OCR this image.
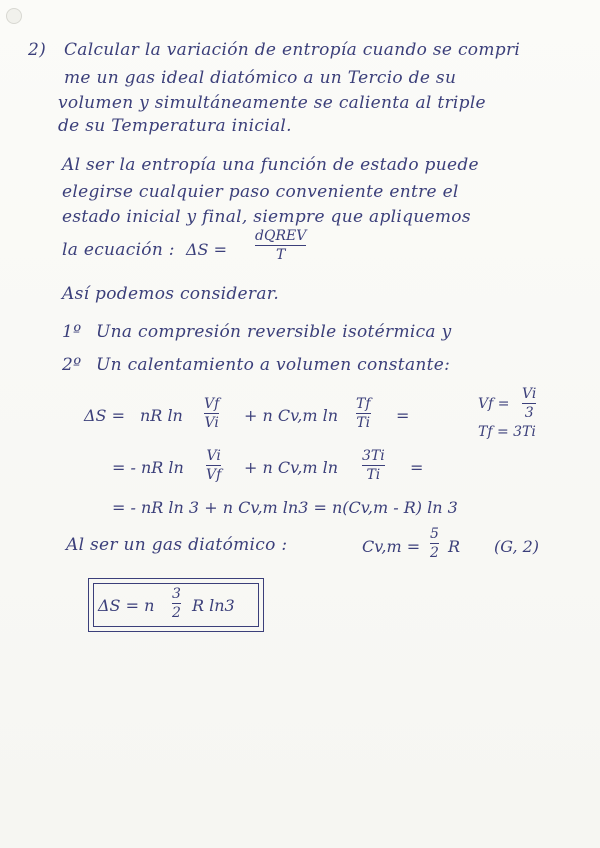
2) Calcular la variación de entropía cuando se compri
me un gas ideal diatómico a un Tercio de su
volumen y simultáneamente se calienta al triple
de su Temperatura inicial.
Al ser la entropía una función de estado puede
elegirse cualquier paso conveniente entre el
estado inicial y final, siempre que apliquemos
la ecuación : ΔS =
dQREV
T
Así podemos considerar.
1º Una compresión reversible isotérmica y
2º Un calentamiento a volumen constante:
ΔS = nR ln
Vf
Vi + n Cv,m ln
Tf
Ti =
Vf =
Vi
3
Tf = 3Ti
= - nR ln
Vi
Vf + n Cv,m ln
3Ti
Ti =
= - nR ln 3 + n Cv,m ln3 = n(Cv,m - R) ln 3
Al ser un gas diatómico :	Cv,m =
5
2 R (G, 2)
ΔS = n
3
2 R ln3
